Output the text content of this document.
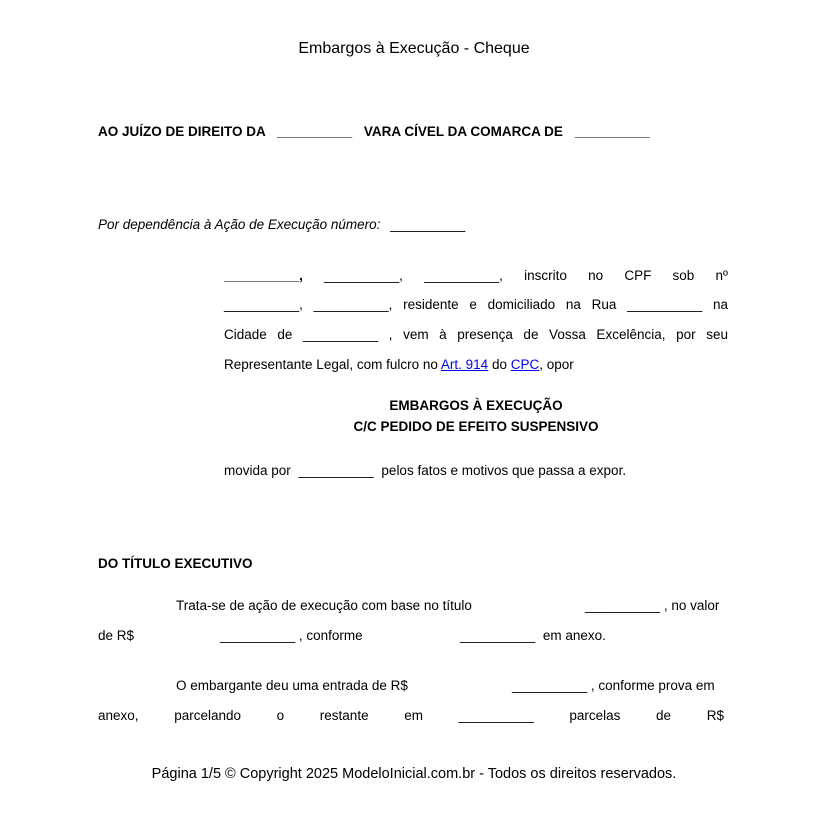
Embargos à Execução - Cheque
AO JUÍZO DE DIREITO DA __________ VARA CÍVEL DA COMARCA DE __________
Por dependência à Ação de Execução número: __________
__________, __________, __________, inscrito no CPF sob nº
__________, __________, residente e domiciliado na Rua __________ na
Cidade de __________ , vem à presença de Vossa Excelência, por seu
Representante Legal, com fulcro no Art. 914 do CPC, opor
EMBARGOS À EXECUÇÃO
C/C PEDIDO DE EFEITO SUSPENSIVO
movida por __________ pelos fatos e motivos que passa a expor.
DO TÍTULO EXECUTIVO
Trata-se de ação de execução com base no título	__________ , no valor
de R$	__________ , conforme	__________ em anexo.
O embargante deu uma entrada de R$	__________ , conforme prova em
anexo,	parcelando	o	restante	em	__________	parcelas	de	R$
Página 1/5 © Copyright 2025 ModeloInicial.com.br - Todos os direitos reservados.
